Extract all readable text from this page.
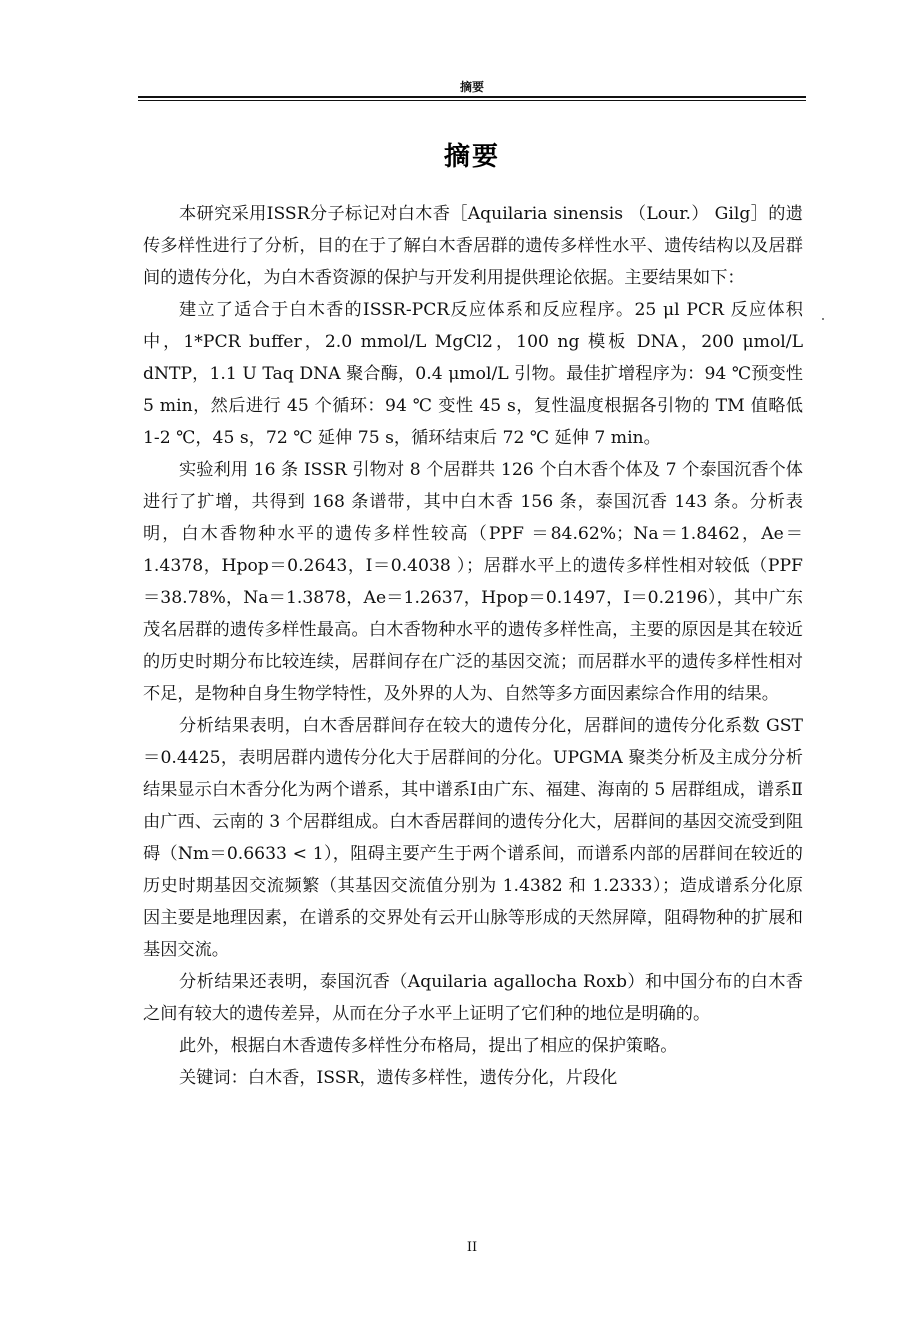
摘要
摘要

本研究采用ISSR分子标记对白木香［Aquilaria sinensis （Lour.） Gilg］的遗传多样性进行了分析，目的在于了解白木香居群的遗传多样性水平、遗传结构以及居群间的遗传分化，为白木香资源的保护与开发利用提供理论依据。主要结果如下：

建立了适合于白木香的ISSR-PCR反应体系和反应程序。25 μl PCR 反应体积中，1*PCR buffer，2.0 mmol/L MgCl2，100 ng 模板 DNA，200 μmol/L dNTP，1.1 U Taq DNA 聚合酶，0.4 μmol/L 引物。最佳扩增程序为：94 ℃预变性 5 min，然后进行 45 个循环：94 ℃ 变性 45 s，复性温度根据各引物的 TM 值略低 1-2 ℃，45 s，72 ℃ 延伸 75 s，循环结束后 72 ℃ 延伸 7 min。

实验利用 16 条 ISSR 引物对 8 个居群共 126 个白木香个体及 7 个泰国沉香个体进行了扩增，共得到 168 条谱带，其中白木香 156 条，泰国沉香 143 条。分析表明，白木香物种水平的遗传多样性较高（PPF ＝84.62%；Na＝1.8462，Ae＝1.4378，Hpop＝0.2643，I＝0.4038 ）；居群水平上的遗传多样性相对较低（PPF＝38.78%，Na＝1.3878，Ae＝1.2637，Hpop＝0.1497，I＝0.2196），其中广东茂名居群的遗传多样性最高。白木香物种水平的遗传多样性高，主要的原因是其在较近的历史时期分布比较连续，居群间存在广泛的基因交流；而居群水平的遗传多样性相对不足，是物种自身生物学特性，及外界的人为、自然等多方面因素综合作用的结果。

分析结果表明，白木香居群间存在较大的遗传分化，居群间的遗传分化系数 GST＝0.4425，表明居群内遗传分化大于居群间的分化。UPGMA 聚类分析及主成分分析结果显示白木香分化为两个谱系，其中谱系Ⅰ由广东、福建、海南的 5 居群组成，谱系Ⅱ由广西、云南的 3 个居群组成。白木香居群间的遗传分化大，居群间的基因交流受到阻碍（Nm＝0.6633 < 1），阻碍主要产生于两个谱系间，而谱系内部的居群间在较近的历史时期基因交流频繁（其基因交流值分别为 1.4382 和 1.2333）；造成谱系分化原因主要是地理因素，在谱系的交界处有云开山脉等形成的天然屏障，阻碍物种的扩展和基因交流。

分析结果还表明，泰国沉香（Aquilaria agallocha Roxb）和中国分布的白木香之间有较大的遗传差异，从而在分子水平上证明了它们种的地位是明确的。

此外，根据白木香遗传多样性分布格局，提出了相应的保护策略。

关键词：白木香，ISSR，遗传多样性，遗传分化，片段化

II
